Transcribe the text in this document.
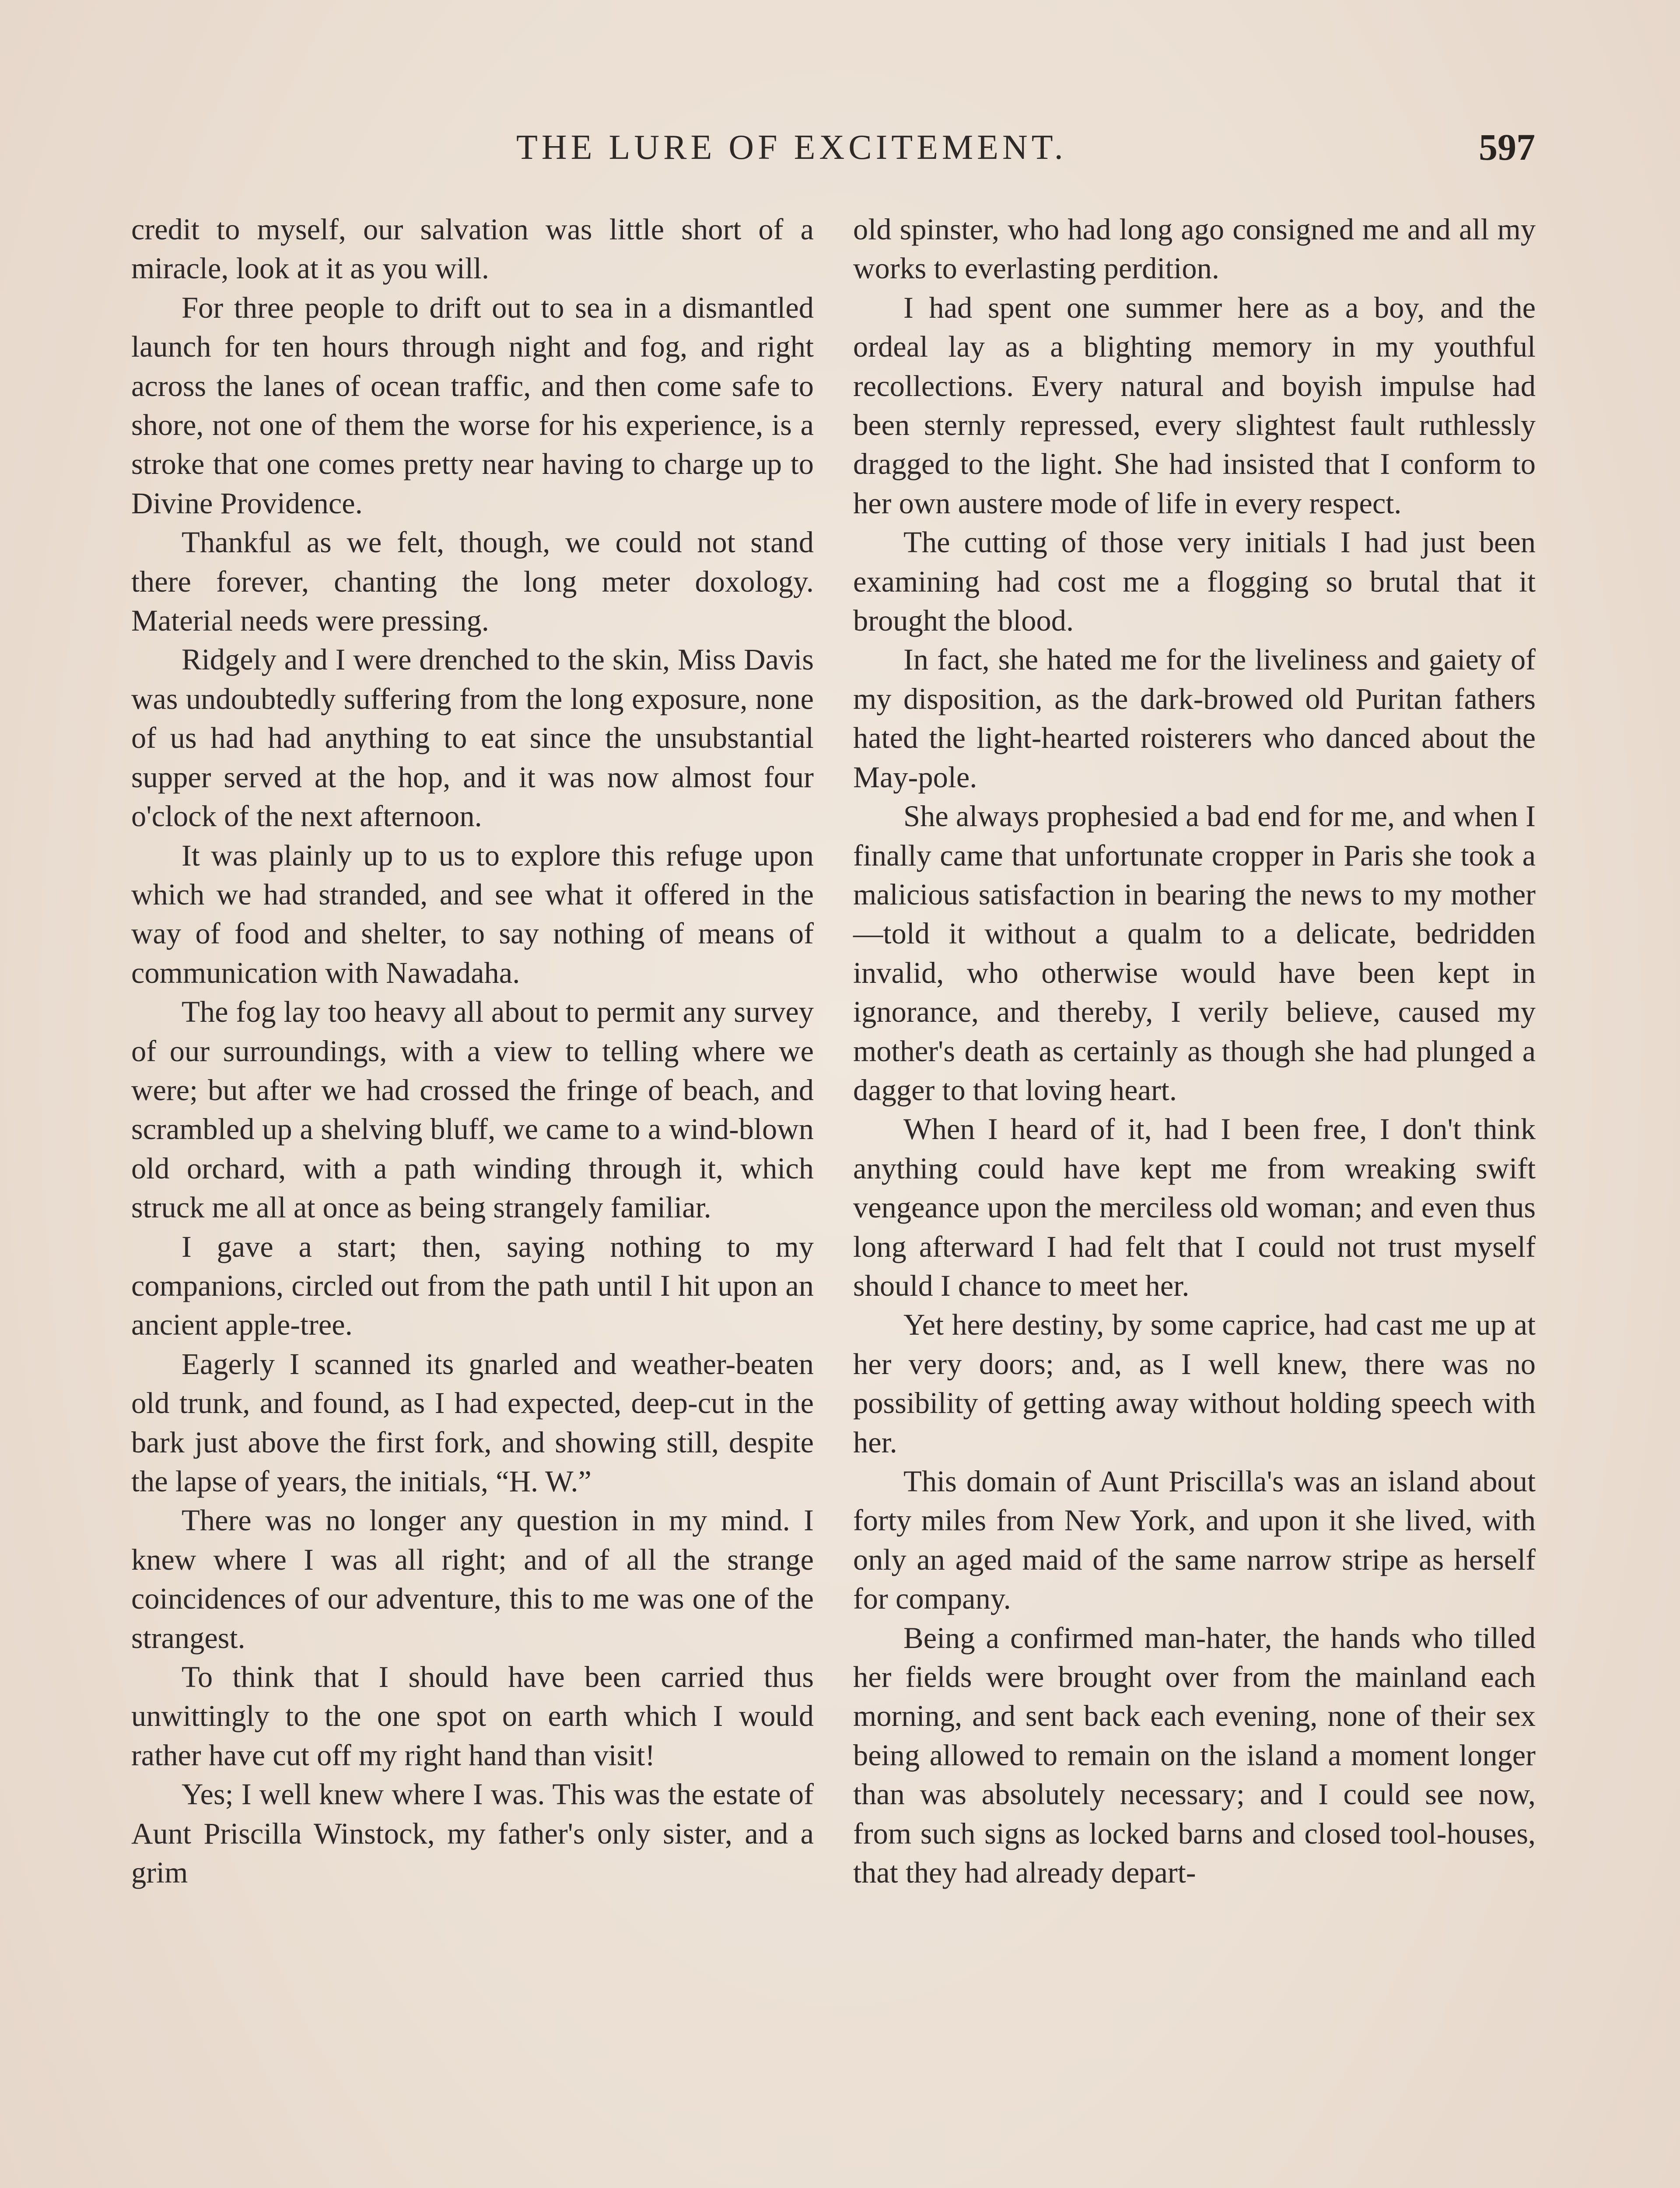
THE LURE OF EXCITEMENT.	597

credit to myself, our salvation was little short of a miracle, look at it as you will.

For three people to drift out to sea in a dismantled launch for ten hours through night and fog, and right across the lanes of ocean traffic, and then come safe to shore, not one of them the worse for his experience, is a stroke that one comes pretty near having to charge up to Divine Providence.

Thankful as we felt, though, we could not stand there forever, chanting the long meter doxology. Material needs were pressing.

Ridgely and I were drenched to the skin, Miss Davis was undoubtedly suffering from the long exposure, none of us had had anything to eat since the unsubstantial supper served at the hop, and it was now almost four o'clock of the next afternoon.

It was plainly up to us to explore this refuge upon which we had stranded, and see what it offered in the way of food and shelter, to say nothing of means of communication with Nawadaha.

The fog lay too heavy all about to permit any survey of our surroundings, with a view to telling where we were; but after we had crossed the fringe of beach, and scrambled up a shelving bluff, we came to a wind-blown old orchard, with a path winding through it, which struck me all at once as being strangely familiar.

I gave a start; then, saying nothing to my companions, circled out from the path until I hit upon an ancient apple-tree.

Eagerly I scanned its gnarled and weather-beaten old trunk, and found, as I had expected, deep-cut in the bark just above the first fork, and showing still, despite the lapse of years, the initials, “H. W.”

There was no longer any question in my mind. I knew where I was all right; and of all the strange coincidences of our adventure, this to me was one of the strangest.

To think that I should have been carried thus unwittingly to the one spot on earth which I would rather have cut off my right hand than visit!

Yes; I well knew where I was. This was the estate of Aunt Priscilla Winstock, my father's only sister, and a grim

old spinster, who had long ago consigned me and all my works to everlasting perdition.

I had spent one summer here as a boy, and the ordeal lay as a blighting memory in my youthful recollections. Every natural and boyish impulse had been sternly repressed, every slightest fault ruthlessly dragged to the light. She had insisted that I conform to her own austere mode of life in every respect.

The cutting of those very initials I had just been examining had cost me a flogging so brutal that it brought the blood.

In fact, she hated me for the liveliness and gaiety of my disposition, as the dark-browed old Puritan fathers hated the light-hearted roisterers who danced about the May-pole.

She always prophesied a bad end for me, and when I finally came that unfortunate cropper in Paris she took a malicious satisfaction in bearing the news to my mother—told it without a qualm to a delicate, bedridden invalid, who otherwise would have been kept in ignorance, and thereby, I verily believe, caused my mother's death as certainly as though she had plunged a dagger to that loving heart.

When I heard of it, had I been free, I don't think anything could have kept me from wreaking swift vengeance upon the merciless old woman; and even thus long afterward I had felt that I could not trust myself should I chance to meet her.

Yet here destiny, by some caprice, had cast me up at her very doors; and, as I well knew, there was no possibility of getting away without holding speech with her.

This domain of Aunt Priscilla's was an island about forty miles from New York, and upon it she lived, with only an aged maid of the same narrow stripe as herself for company.

Being a confirmed man-hater, the hands who tilled her fields were brought over from the mainland each morning, and sent back each evening, none of their sex being allowed to remain on the island a moment longer than was absolutely necessary; and I could see now, from such signs as locked barns and closed tool-houses, that they had already depart-
